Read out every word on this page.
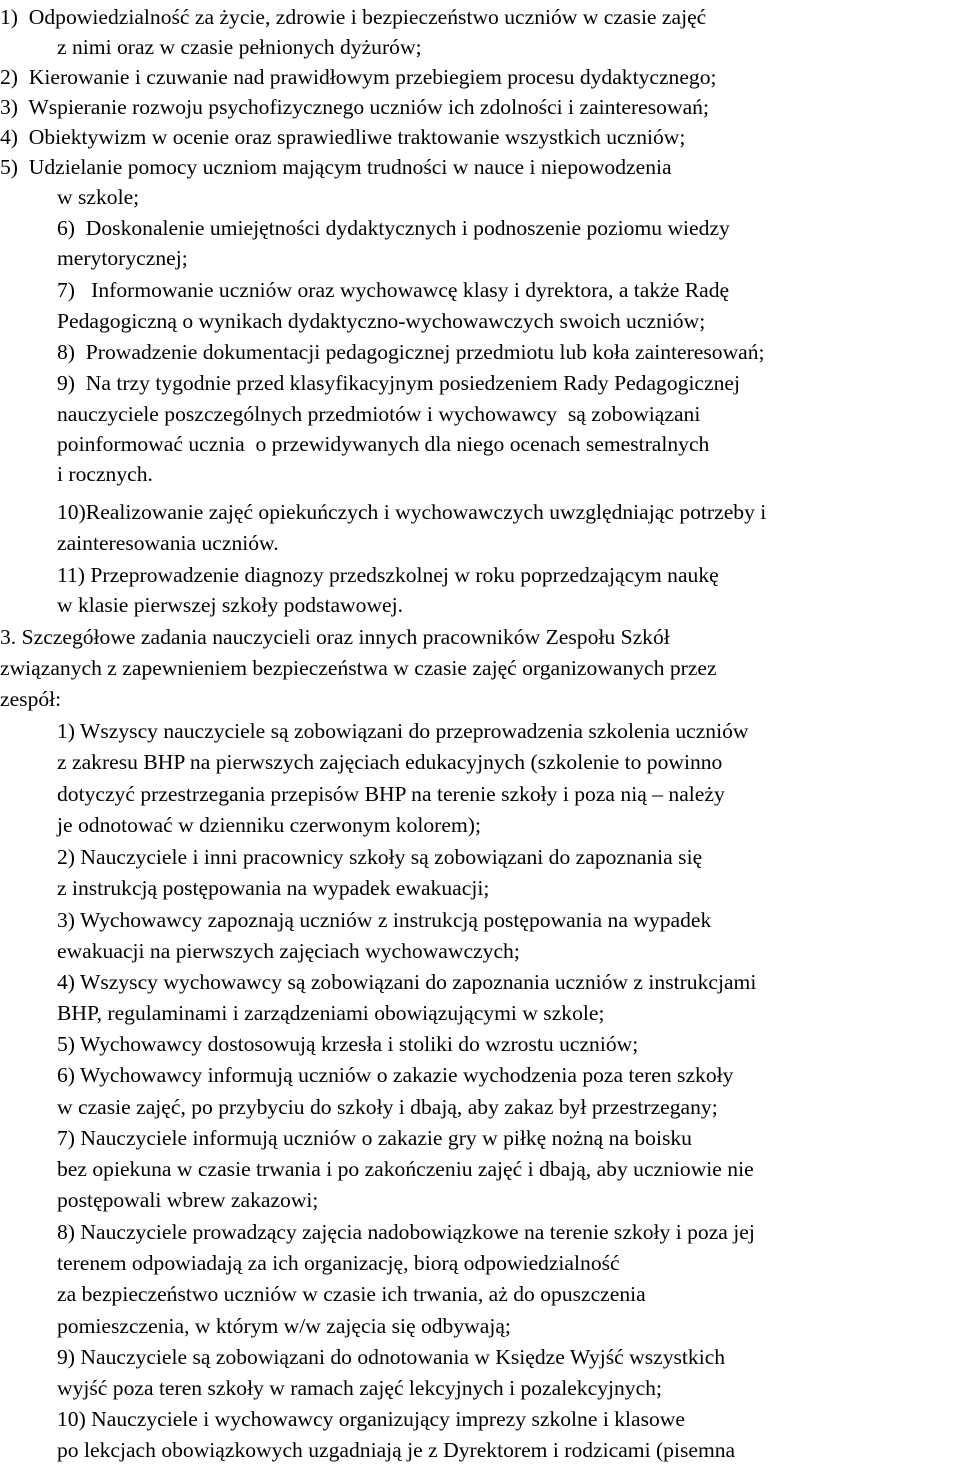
1)  Odpowiedzialność za życie, zdrowie i bezpieczeństwo uczniów w czasie zajęć
z nimi oraz w czasie pełnionych dyżurów;
2)  Kierowanie i czuwanie nad prawidłowym przebiegiem procesu dydaktycznego;
3)  Wspieranie rozwoju psychofizycznego uczniów ich zdolności i zainteresowań;
4)  Obiektywizm w ocenie oraz sprawiedliwe traktowanie wszystkich uczniów;
5)  Udzielanie pomocy uczniom mającym trudności w nauce i niepowodzenia
w szkole;
6)  Doskonalenie umiejętności dydaktycznych i podnoszenie poziomu wiedzy
merytorycznej;
7)   Informowanie uczniów oraz wychowawcę klasy i dyrektora, a także Radę
Pedagogiczną o wynikach dydaktyczno-wychowawczych swoich uczniów;
8)  Prowadzenie dokumentacji pedagogicznej przedmiotu lub koła zainteresowań;
9)  Na trzy tygodnie przed klasyfikacyjnym posiedzeniem Rady Pedagogicznej
nauczyciele poszczególnych przedmiotów i wychowawcy  są zobowiązani
poinformować ucznia  o przewidywanych dla niego ocenach semestralnych
i rocznych.
10)Realizowanie zajęć opiekuńczych i wychowawczych uwzględniając potrzeby i
zainteresowania uczniów.
11) Przeprowadzenie diagnozy przedszkolnej w roku poprzedzającym naukę
w klasie pierwszej szkoły podstawowej.
3. Szczegółowe zadania nauczycieli oraz innych pracowników Zespołu Szkół
związanych z zapewnieniem bezpieczeństwa w czasie zajęć organizowanych przez
zespół:
1) Wszyscy nauczyciele są zobowiązani do przeprowadzenia szkolenia uczniów
z zakresu BHP na pierwszych zajęciach edukacyjnych (szkolenie to powinno
dotyczyć przestrzegania przepisów BHP na terenie szkoły i poza nią – należy
je odnotować w dzienniku czerwonym kolorem);
2) Nauczyciele i inni pracownicy szkoły są zobowiązani do zapoznania się
z instrukcją postępowania na wypadek ewakuacji;
3) Wychowawcy zapoznają uczniów z instrukcją postępowania na wypadek
ewakuacji na pierwszych zajęciach wychowawczych;
4) Wszyscy wychowawcy są zobowiązani do zapoznania uczniów z instrukcjami
BHP, regulaminami i zarządzeniami obowiązującymi w szkole;
5) Wychowawcy dostosowują krzesła i stoliki do wzrostu uczniów;
6) Wychowawcy informują uczniów o zakazie wychodzenia poza teren szkoły
w czasie zajęć, po przybyciu do szkoły i dbają, aby zakaz był przestrzegany;
7) Nauczyciele informują uczniów o zakazie gry w piłkę nożną na boisku
bez opiekuna w czasie trwania i po zakończeniu zajęć i dbają, aby uczniowie nie
postępowali wbrew zakazowi;
8) Nauczyciele prowadzący zajęcia nadobowiązkowe na terenie szkoły i poza jej
terenem odpowiadają za ich organizację, biorą odpowiedzialność
za bezpieczeństwo uczniów w czasie ich trwania, aż do opuszczenia
pomieszczenia, w którym w/w zajęcia się odbywają;
9) Nauczyciele są zobowiązani do odnotowania w Księdze Wyjść wszystkich
wyjść poza teren szkoły w ramach zajęć lekcyjnych i pozalekcyjnych;
10) Nauczyciele i wychowawcy organizujący imprezy szkolne i klasowe
po lekcjach obowiązkowych uzgadniają je z Dyrektorem i rodzicami (pisemna
